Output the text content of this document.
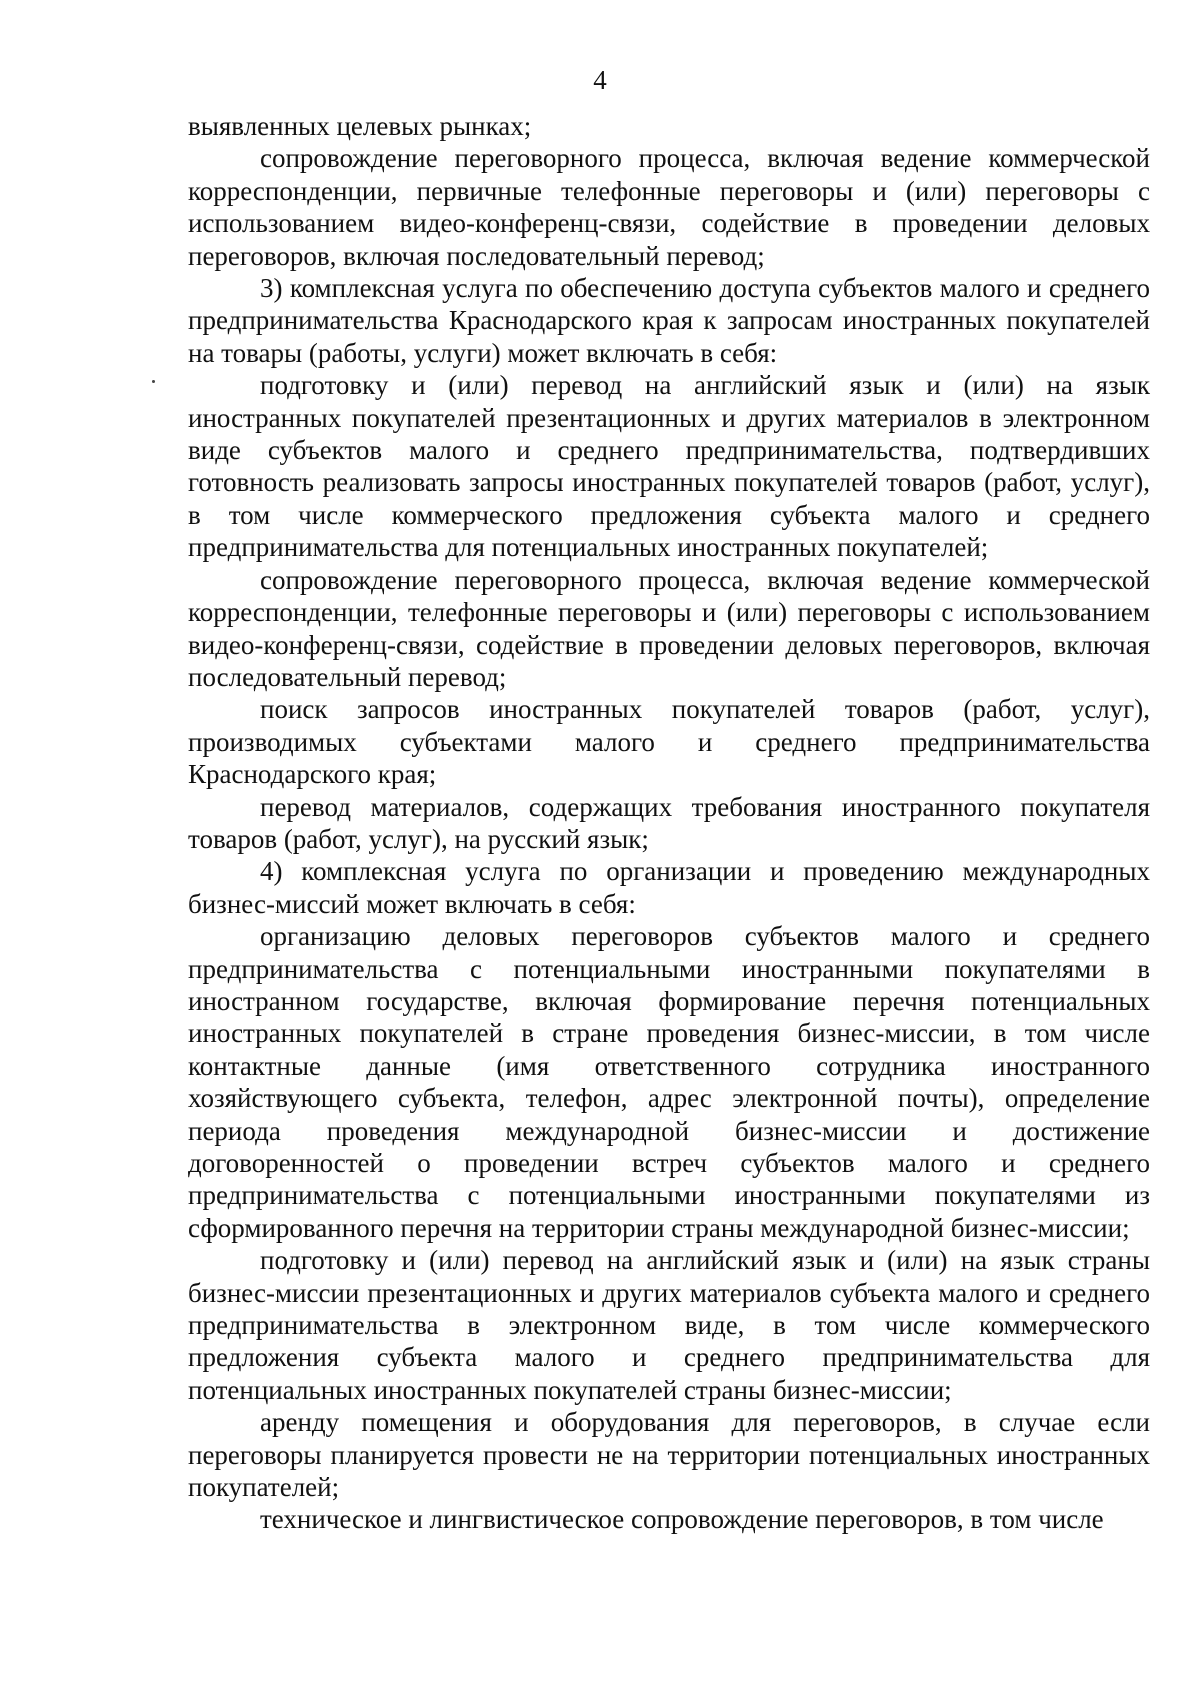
4

выявленных целевых рынках;

сопровождение переговорного процесса, включая ведение коммерческой корреспонденции, первичные телефонные переговоры и (или) переговоры с использованием видео-конференц-связи, содействие в проведении деловых переговоров, включая последовательный перевод;

3) комплексная услуга по обеспечению доступа субъектов малого и среднего предпринимательства Краснодарского края к запросам иностранных покупателей на товары (работы, услуги) может включать в себя:

подготовку и (или) перевод на английский язык и (или) на язык иностранных покупателей презентационных и других материалов в электронном виде субъектов малого и среднего предпринимательства, подтвердивших готовность реализовать запросы иностранных покупателей товаров (работ, услуг), в том числе коммерческого предложения субъекта малого и среднего предпринимательства для потенциальных иностранных покупателей;

сопровождение переговорного процесса, включая ведение коммерческой корреспонденции, телефонные переговоры и (или) переговоры с использованием видео-конференц-связи, содействие в проведении деловых переговоров, включая последовательный перевод;

поиск запросов иностранных покупателей товаров (работ, услуг), производимых субъектами малого и среднего предпринимательства Краснодарского края;

перевод материалов, содержащих требования иностранного покупателя товаров (работ, услуг), на русский язык;

4) комплексная услуга по организации и проведению международных бизнес-миссий может включать в себя:

организацию деловых переговоров субъектов малого и среднего предпринимательства с потенциальными иностранными покупателями в иностранном государстве, включая формирование перечня потенциальных иностранных покупателей в стране проведения бизнес-миссии, в том числе контактные данные (имя ответственного сотрудника иностранного хозяйствующего субъекта, телефон, адрес электронной почты), определение периода проведения международной бизнес-миссии и достижение договоренностей о проведении встреч субъектов малого и среднего предпринимательства с потенциальными иностранными покупателями из сформированного перечня на территории страны международной бизнес-миссии;

подготовку и (или) перевод на английский язык и (или) на язык страны бизнес-миссии презентационных и других материалов субъекта малого и среднего предпринимательства в электронном виде, в том числе коммерческого предложения субъекта малого и среднего предпринимательства для потенциальных иностранных покупателей страны бизнес-миссии;

аренду помещения и оборудования для переговоров, в случае если переговоры планируется провести не на территории потенциальных иностранных покупателей;

техническое и лингвистическое сопровождение переговоров, в том числе
